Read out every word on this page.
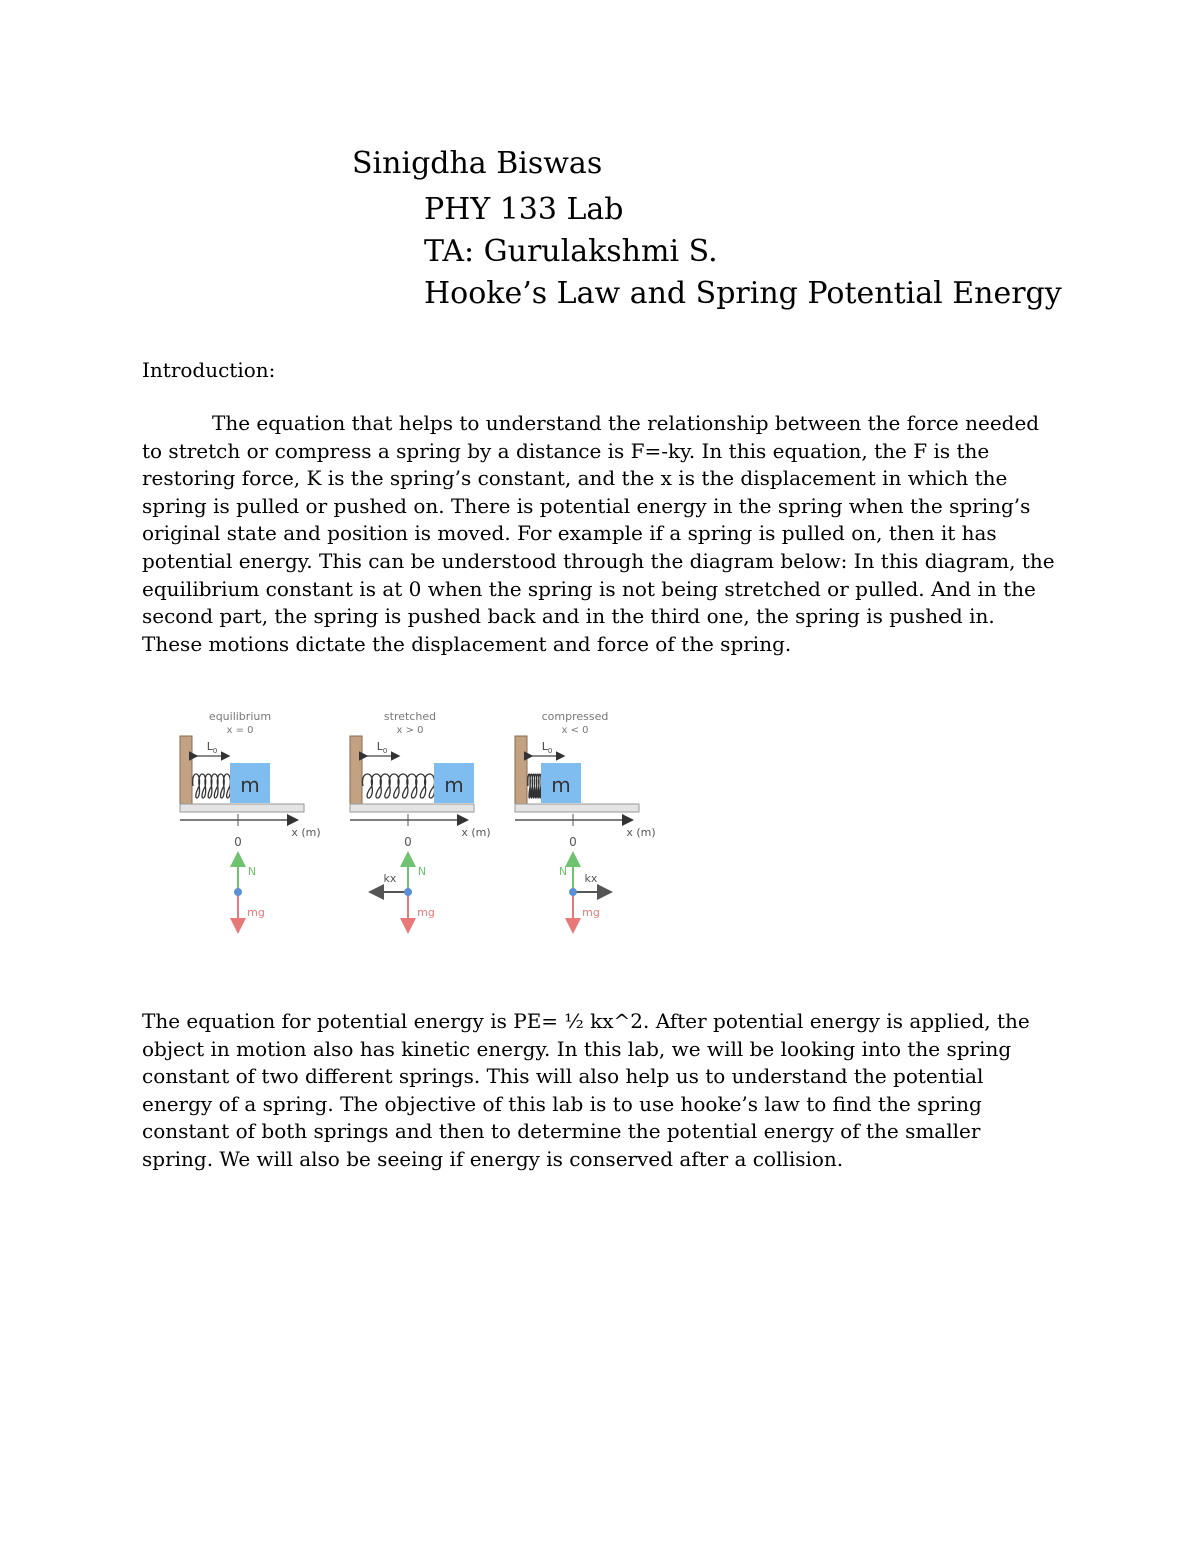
Sinigdha Biswas
PHY 133 Lab
TA: Gurulakshmi S.
Hooke’s Law and Spring Potential Energy
Introduction:

The equation that helps to understand the relationship between the force needed to stretch or compress a spring by a distance is F=-ky. In this equation, the F is the restoring force, K is the spring’s constant, and the x is the displacement in which the spring is pulled or pushed on. There is potential energy in the spring when the spring’s original state and position is moved. For example if a spring is pulled on, then it has potential energy. This can be understood through the diagram below: In this diagram, the equilibrium constant is at 0 when the spring is not being stretched or pulled. And in the second part, the spring is pushed back and in the third one, the spring is pushed in. These motions dictate the displacement and force of the spring.

equilibrium
x = 0
$L_0$
m
0
x (m)
N
mg
stretched
x > 0
$L_0$
m
0
x (m)
N
mg
kx
compressed
x < 0
$L_0$
m
0
x (m)
N
mg
kx

The equation for potential energy is PE= ½ kx^2. After potential energy is applied, the object in motion also has kinetic energy. In this lab, we will be looking into the spring constant of two different springs. This will also help us to understand the potential energy of a spring. The objective of this lab is to use hooke’s law to find the spring constant of both springs and then to determine the potential energy of the smaller spring. We will also be seeing if energy is conserved after a collision.
